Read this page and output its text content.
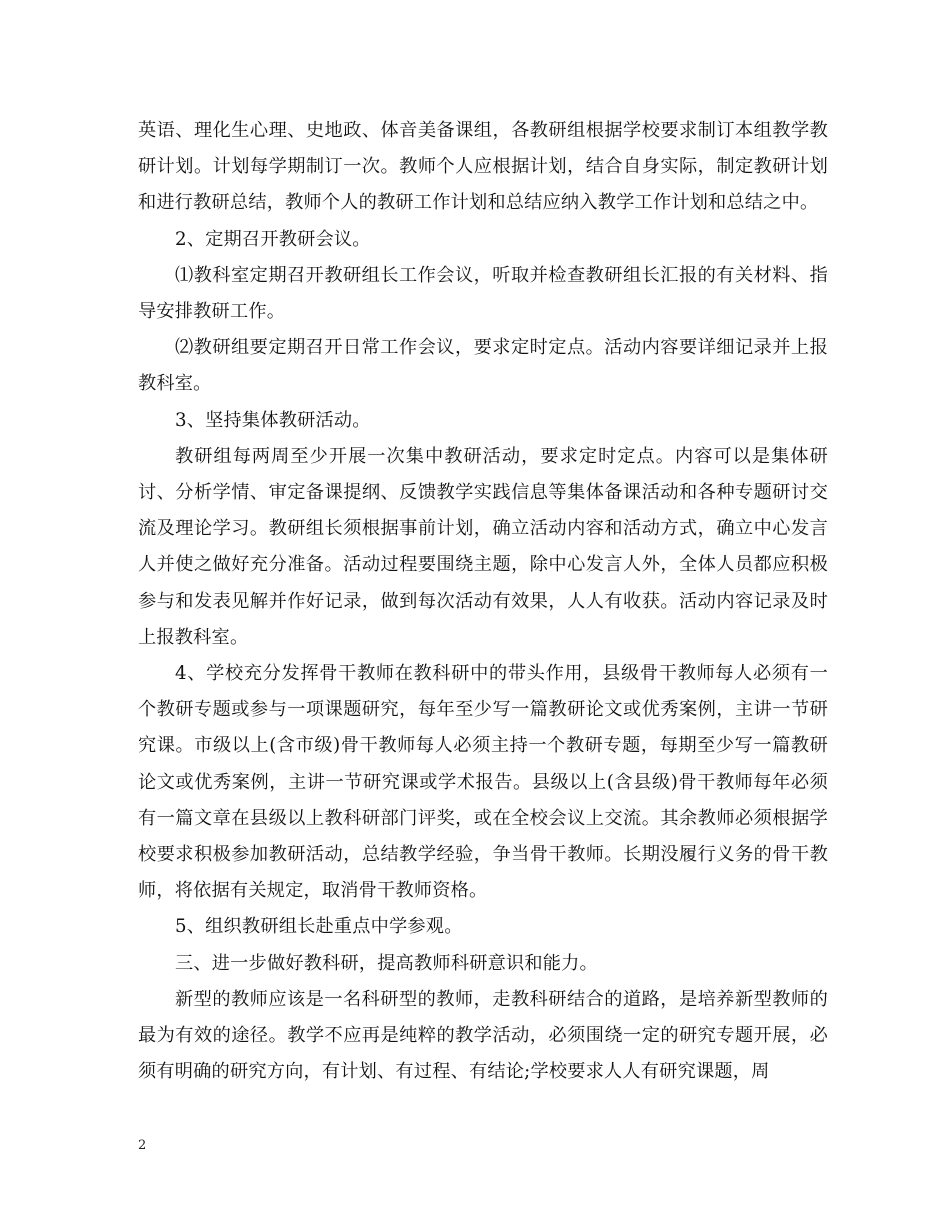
英语、理化生心理、史地政、体音美备课组，各教研组根据学校要求制订本组教学教研计划。计划每学期制订一次。教师个人应根据计划，结合自身实际，制定教研计划和进行教研总结，教师个人的教研工作计划和总结应纳入教学工作计划和总结之中。

2、定期召开教研会议。

⑴教科室定期召开教研组长工作会议，听取并检查教研组长汇报的有关材料、指导安排教研工作。

⑵教研组要定期召开日常工作会议，要求定时定点。活动内容要详细记录并上报教科室。

3、坚持集体教研活动。

教研组每两周至少开展一次集中教研活动，要求定时定点。内容可以是集体研讨、分析学情、审定备课提纲、反馈教学实践信息等集体备课活动和各种专题研讨交流及理论学习。教研组长须根据事前计划，确立活动内容和活动方式，确立中心发言人并使之做好充分准备。活动过程要围绕主题，除中心发言人外，全体人员都应积极参与和发表见解并作好记录，做到每次活动有效果，人人有收获。活动内容记录及时上报教科室。

4、学校充分发挥骨干教师在教科研中的带头作用，县级骨干教师每人必须有一个教研专题或参与一项课题研究，每年至少写一篇教研论文或优秀案例，主讲一节研究课。市级以上(含市级)骨干教师每人必须主持一个教研专题，每期至少写一篇教研论文或优秀案例，主讲一节研究课或学术报告。县级以上(含县级)骨干教师每年必须有一篇文章在县级以上教科研部门评奖，或在全校会议上交流。其余教师必须根据学校要求积极参加教研活动，总结教学经验，争当骨干教师。长期没履行义务的骨干教师，将依据有关规定，取消骨干教师资格。

5、组织教研组长赴重点中学参观。

三、进一步做好教科研，提高教师科研意识和能力。

新型的教师应该是一名科研型的教师，走教科研结合的道路，是培养新型教师的最为有效的途径。教学不应再是纯粹的教学活动，必须围绕一定的研究专题开展，必须有明确的研究方向，有计划、有过程、有结论;学校要求人人有研究课题，周

2
